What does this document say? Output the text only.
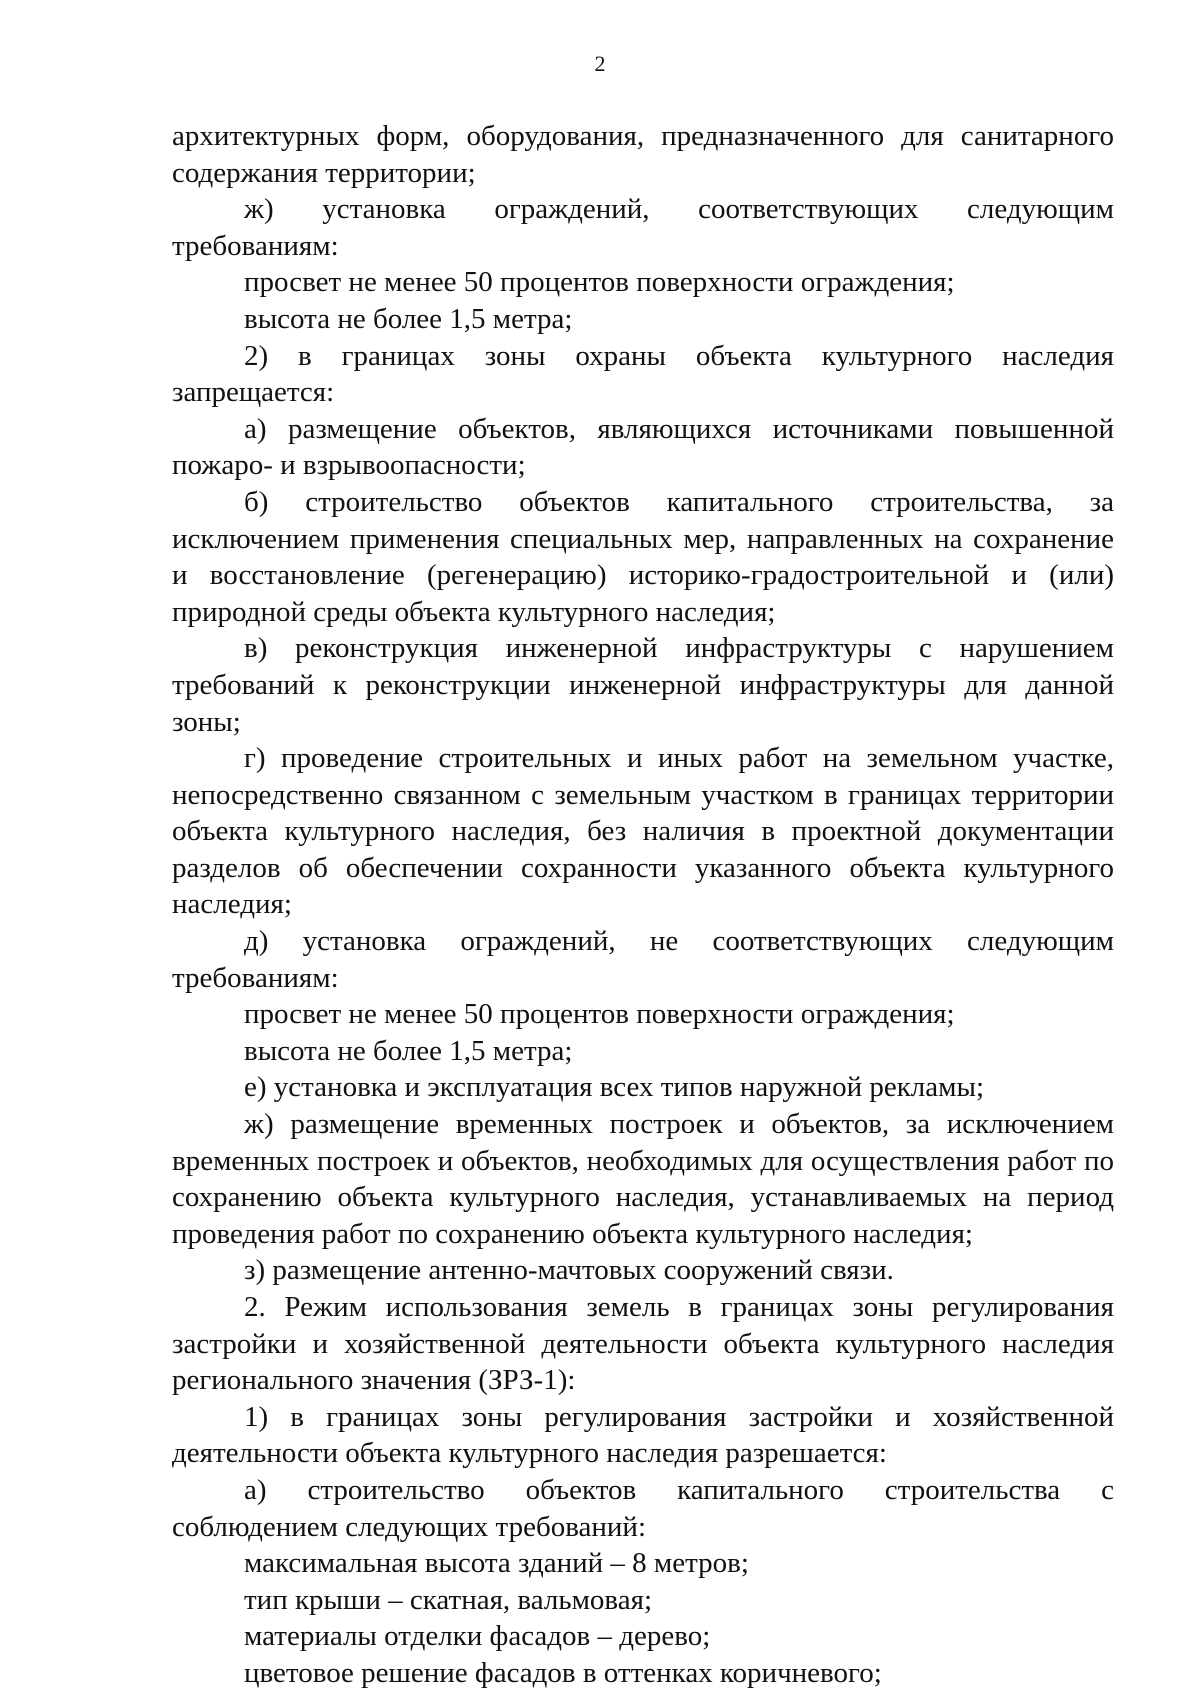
2

архитектурных форм, оборудования, предназначенного для санитарного содержания территории;

ж) установка ограждений, соответствующих следующим требованиям:

просвет не менее 50 процентов поверхности ограждения;

высота не более 1,5 метра;

2) в границах зоны охраны объекта культурного наследия запрещается:

а) размещение объектов, являющихся источниками повышенной пожаро- и взрывоопасности;

б) строительство объектов капитального строительства, за исключением применения специальных мер, направленных на сохранение и восстановление (регенерацию) историко-градостроительной и (или) природной среды объекта культурного наследия;

в) реконструкция инженерной инфраструктуры с нарушением требований к реконструкции инженерной инфраструктуры для данной зоны;

г) проведение строительных и иных работ на земельном участке, непосредственно связанном с земельным участком в границах территории объекта культурного наследия, без наличия в проектной документации разделов об обеспечении сохранности указанного объекта культурного наследия;

д) установка ограждений, не соответствующих следующим требованиям:

просвет не менее 50 процентов поверхности ограждения;

высота не более 1,5 метра;

е) установка и эксплуатация всех типов наружной рекламы;

ж) размещение временных построек и объектов, за исключением временных построек и объектов, необходимых для осуществления работ по сохранению объекта культурного наследия, устанавливаемых на период проведения работ по сохранению объекта культурного наследия;

з) размещение антенно-мачтовых сооружений связи.

2. Режим использования земель в границах зоны регулирования застройки и хозяйственной деятельности объекта культурного наследия регионального значения (ЗРЗ-1):

1) в границах зоны регулирования застройки и хозяйственной деятельности объекта культурного наследия разрешается:

а) строительство объектов капитального строительства с соблюдением следующих требований:

максимальная высота зданий – 8 метров;

тип крыши – скатная, вальмовая;

материалы отделки фасадов – дерево;

цветовое решение фасадов в оттенках коричневого;
